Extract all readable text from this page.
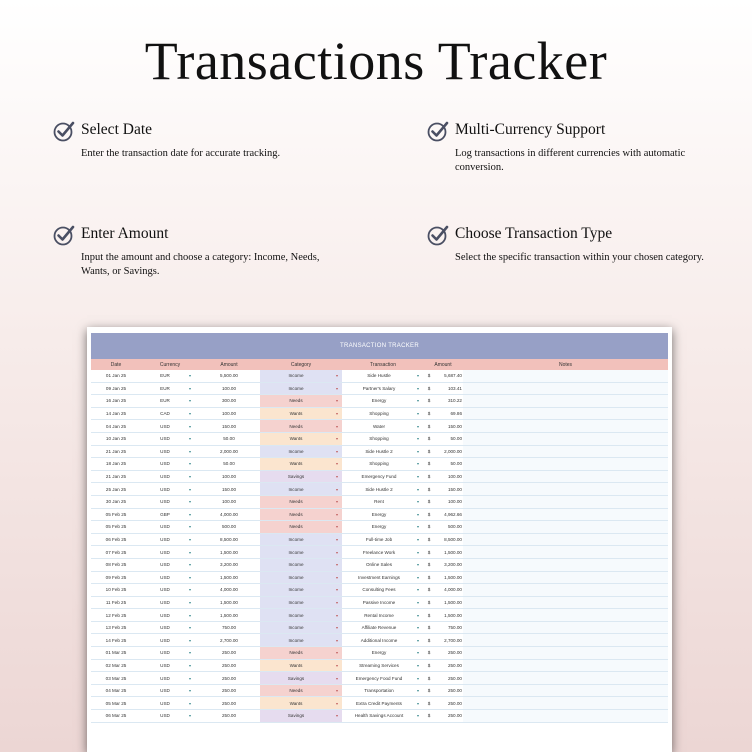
Transactions Tracker
Select Date
Enter the transaction date for accurate tracking.
Multi-Currency Support
Log transactions in different currencies with automatic conversion.
Enter Amount
Input the amount and choose a category: Income, Needs, Wants, or Savings.
Choose Transaction Type
Select the specific transaction within your chosen category.
TRANSACTION TRACKER
Date	Currency	Amount	Category	Transaction	Amount	Notes
01 Jan 25	EUR	▾	5,500.00	Income	▾	Side Hustle	▾	$	5,687.40
09 Jan 25	EUR	▾	100.00	Income	▾	Partner's Salary	▾	$	103.41
16 Jan 25	EUR	▾	300.00	Needs	▾	Energy	▾	$	310.22
14 Jan 25	CAD	▾	100.00	Wants	▾	Shopping	▾	$	69.86
04 Jan 25	USD	▾	150.00	Needs	▾	Water	▾	$	150.00
10 Jan 25	USD	▾	50.00	Wants	▾	Shopping	▾	$	50.00
21 Jan 25	USD	▾	2,000.00	Income	▾	Side Hustle 2	▾	$	2,000.00
18 Jan 25	USD	▾	50.00	Wants	▾	Shopping	▾	$	50.00
21 Jan 25	USD	▾	100.00	Savings	▾	Emergency Fund	▾	$	100.00
25 Jan 25	USD	▾	150.00	Income	▾	Side Hustle 2	▾	$	150.00
30 Jan 25	USD	▾	100.00	Needs	▾	Rent	▾	$	100.00
05 Feb 25	GBP	▾	4,000.00	Needs	▾	Energy	▾	$	4,962.66
05 Feb 25	USD	▾	500.00	Needs	▾	Energy	▾	$	500.00
06 Feb 25	USD	▾	8,500.00	Income	▾	Full-time Job	▾	$	8,500.00
07 Feb 25	USD	▾	1,500.00	Income	▾	Freelance Work	▾	$	1,500.00
08 Feb 25	USD	▾	3,200.00	Income	▾	Online Sales	▾	$	3,200.00
09 Feb 25	USD	▾	1,500.00	Income	▾	Investment Earnings	▾	$	1,500.00
10 Feb 25	USD	▾	4,000.00	Income	▾	Consulting Fees	▾	$	4,000.00
11 Feb 25	USD	▾	1,500.00	Income	▾	Passive Income	▾	$	1,500.00
12 Feb 25	USD	▾	1,500.00	Income	▾	Rental Income	▾	$	1,500.00
13 Feb 25	USD	▾	750.00	Income	▾	Affiliate Revenue	▾	$	750.00
14 Feb 25	USD	▾	2,700.00	Income	▾	Additional Income	▾	$	2,700.00
01 Mar 25	USD	▾	250.00	Needs	▾	Energy	▾	$	250.00
02 Mar 25	USD	▾	250.00	Wants	▾	Streaming Services	▾	$	250.00
03 Mar 25	USD	▾	250.00	Savings	▾	Emergency Food Fund	▾	$	250.00
04 Mar 25	USD	▾	250.00	Needs	▾	Transportation	▾	$	250.00
05 Mar 25	USD	▾	250.00	Wants	▾	Extra Credit Payments	▾	$	250.00
06 Mar 25	USD	▾	250.00	Savings	▾	Health Savings Account	▾	$	250.00
